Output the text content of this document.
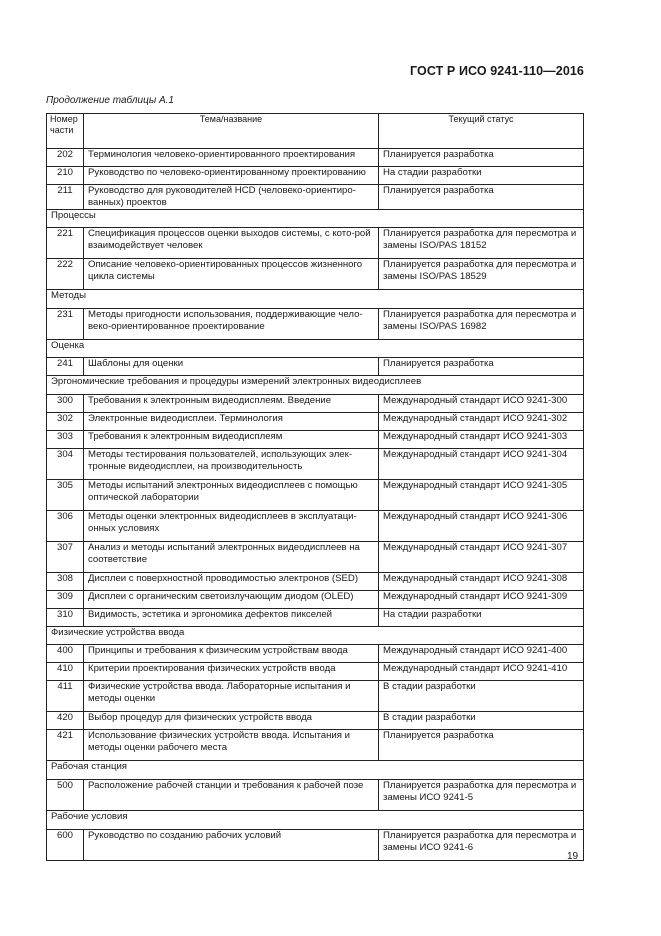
ГОСТ Р ИСО 9241-110—2016
Продолжение таблицы А.1
Номер части	Тема/название	Текущий статус
202	Терминология человеко-ориентированного проектирования	Планируется разработка
210	Руководство по человеко-ориентированному проектированию	На стадии разработки
211	Руководство для руководителей HCD (человеко-ориентиро-ванных) проектов	Планируется разработка
Процессы		
221	Спецификация процессов оценки выходов системы, с кото-рой взаимодействует человек	Планируется разработка для пересмотра и замены ISO/PAS 18152
222	Описание человеко-ориентированных процессов жизненного цикла системы	Планируется разработка для пересмотра и замены ISO/PAS 18529
Методы		
231	Методы пригодности использования, поддерживающие чело-веко-ориентированное проектирование	Планируется разработка для пересмотра и замены ISO/PAS 16982
Оценка		
241	Шаблоны для оценки	Планируется разработка
Эргономические требования и процедуры измерений электронных видеодисплеев		
300	Требования к электронным видеодисплеям. Введение	Международный стандарт ИСО 9241-300
302	Электронные видеодисплеи. Терминология	Международный стандарт ИСО 9241-302
303	Требования к электронным видеодисплеям	Международный стандарт ИСО 9241-303
304	Методы тестирования пользователей, использующих элек-тронные видеодисплеи, на производительность	Международный стандарт ИСО 9241-304
305	Методы испытаний электронных видеодисплеев с помощью оптической лаборатории	Международный стандарт ИСО 9241-305
306	Методы оценки электронных видеодисплеев в эксплуатаци-онных условиях	Международный стандарт ИСО 9241-306
307	Анализ и методы испытаний электронных видеодисплеев на соответствие	Международный стандарт ИСО 9241-307
308	Дисплеи с поверхностной проводимостью электронов (SED)	Международный стандарт ИСО 9241-308
309	Дисплеи с органическим светоизлучающим диодом (OLED)	Международный стандарт ИСО 9241-309
310	Видимость, эстетика и эргономика дефектов пикселей	На стадии разработки
Физические устройства ввода		
400	Принципы и требования к физическим устройствам ввода	Международный стандарт ИСО 9241-400
410	Критерии проектирования физических устройств ввода	Международный стандарт ИСО 9241-410
411	Физические устройства ввода. Лабораторные испытания и методы оценки	В стадии разработки
420	Выбор процедур для физических устройств ввода	В стадии разработки
421	Использование физических устройств ввода. Испытания и методы оценки рабочего места	Планируется разработка
Рабочая станция		
500	Расположение рабочей станции и требования к рабочей позе	Планируется разработка для пересмотра и замены ИСО 9241-5
Рабочие условия		
600	Руководство по созданию рабочих условий	Планируется разработка для пересмотра и замены ИСО 9241-6
19
